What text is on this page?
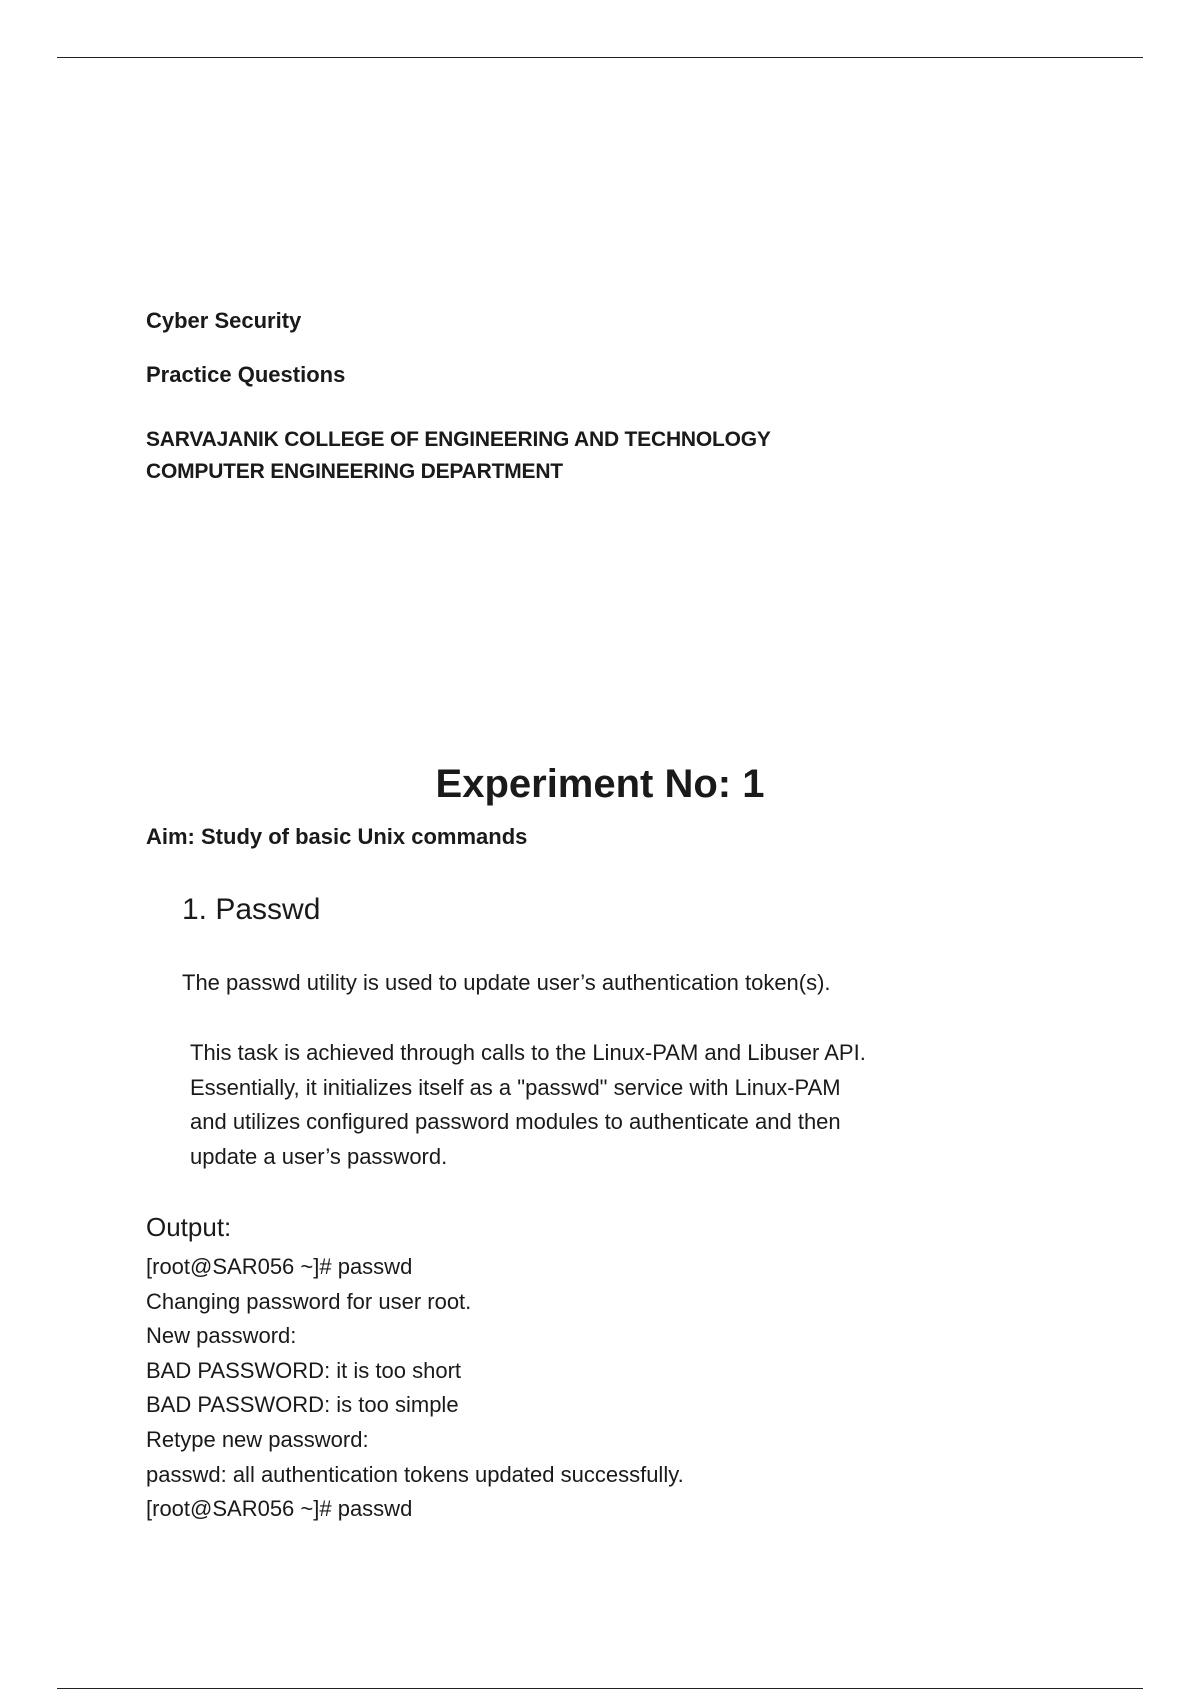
Cyber Security
Practice Questions
SARVAJANIK COLLEGE OF ENGINEERING AND TECHNOLOGY
COMPUTER ENGINEERING DEPARTMENT
Experiment No: 1
Aim: Study of basic Unix commands
1. Passwd
The passwd utility is used to update user’s authentication token(s).
This task is achieved through calls to the Linux-PAM and Libuser API.
Essentially, it initializes itself as a "passwd" service with Linux-PAM
and utilizes configured password modules to authenticate and then
update a user’s password.
Output:
[root@SAR056 ~]# passwd
Changing password for user root.
New password:
BAD PASSWORD: it is too short
BAD PASSWORD: is too simple
Retype new password:
passwd: all authentication tokens updated successfully.
[root@SAR056 ~]# passwd
